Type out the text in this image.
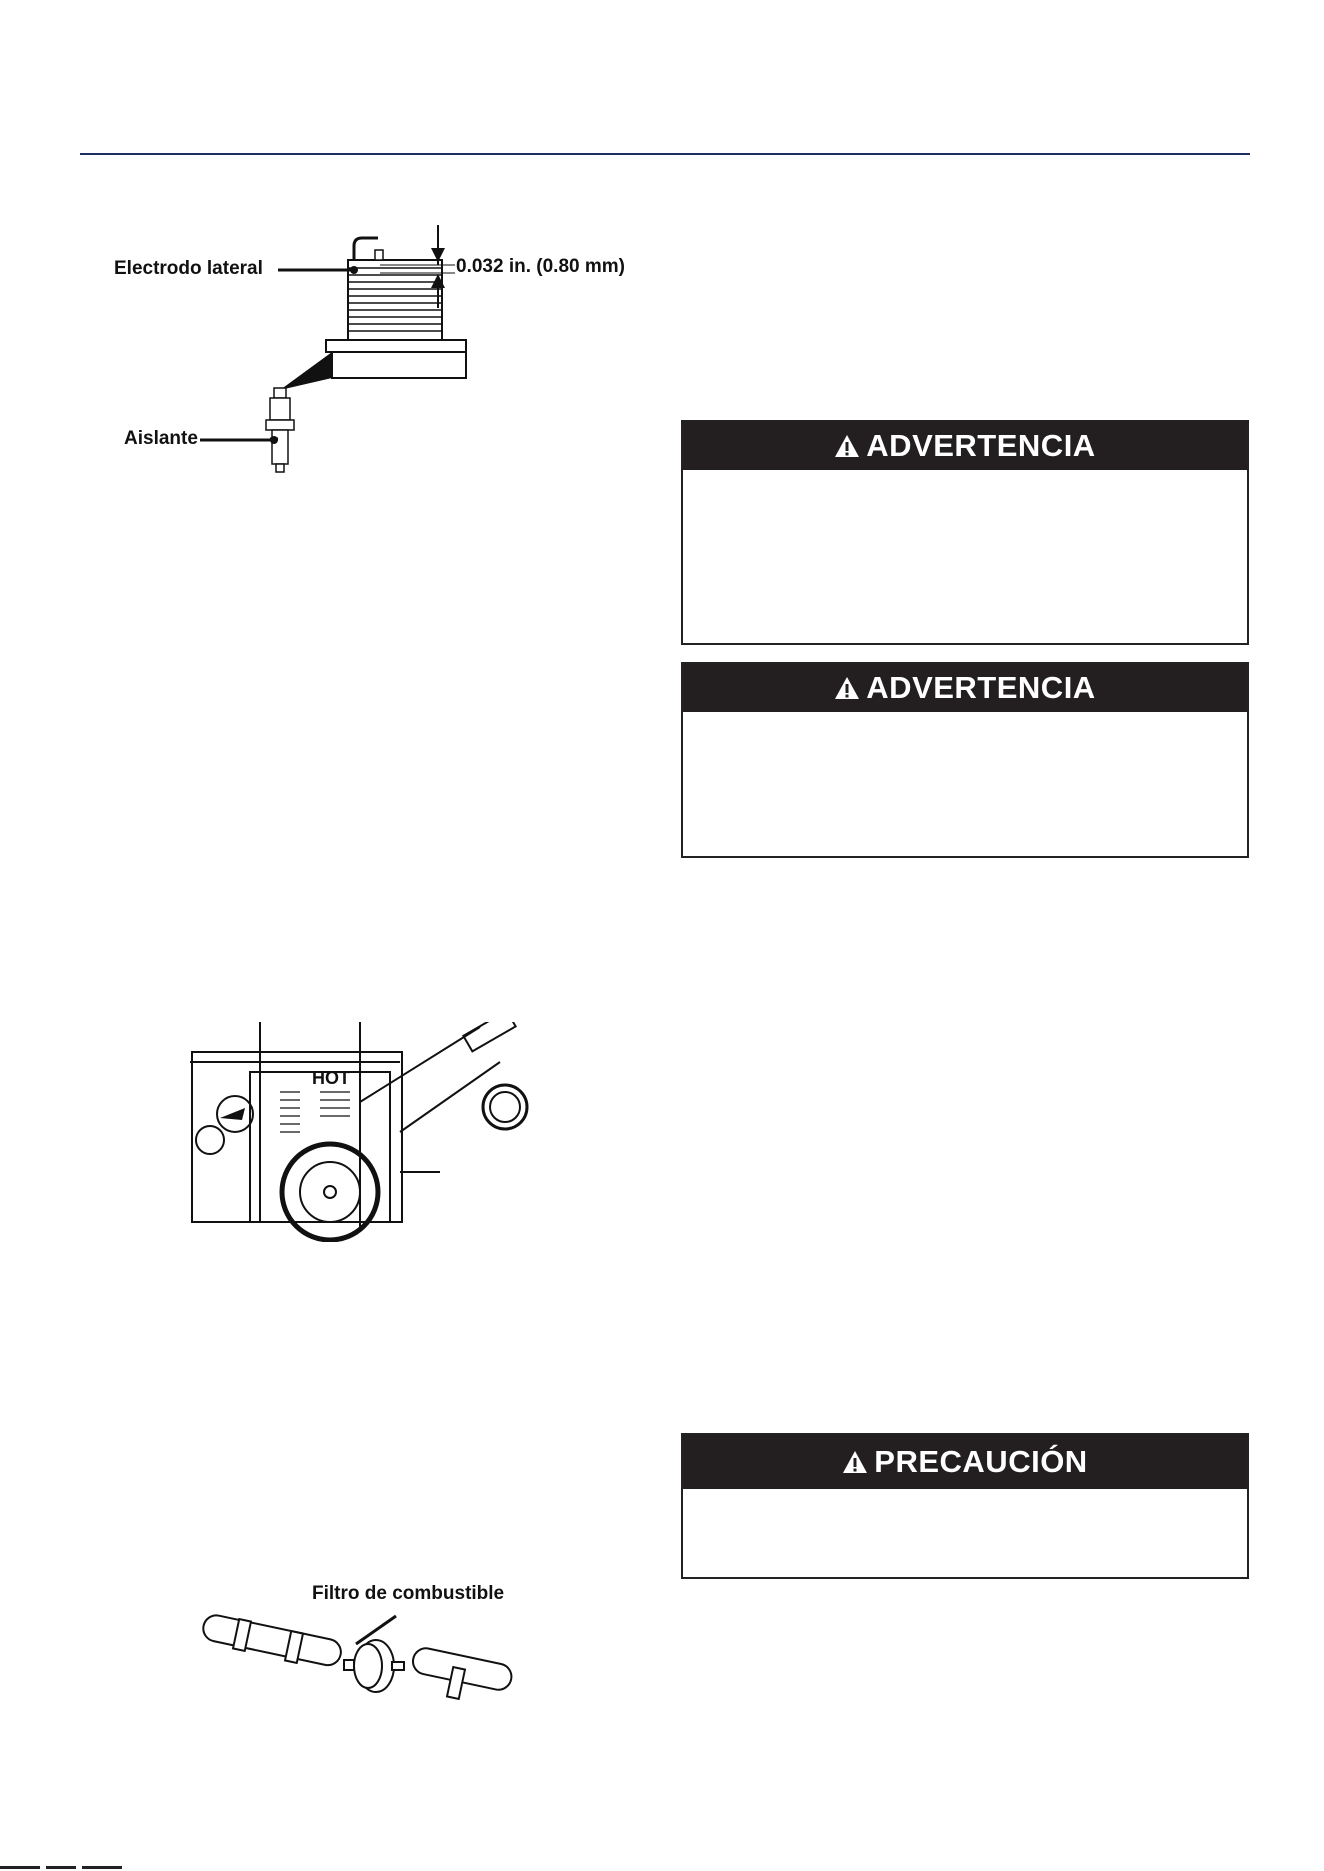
Electrodo lateral	0.032 in. (0.80 mm)
Aislante
HOT
Filtro de combustible
ADVERTENCIA
ADVERTENCIA
PRECAUCIÓN
